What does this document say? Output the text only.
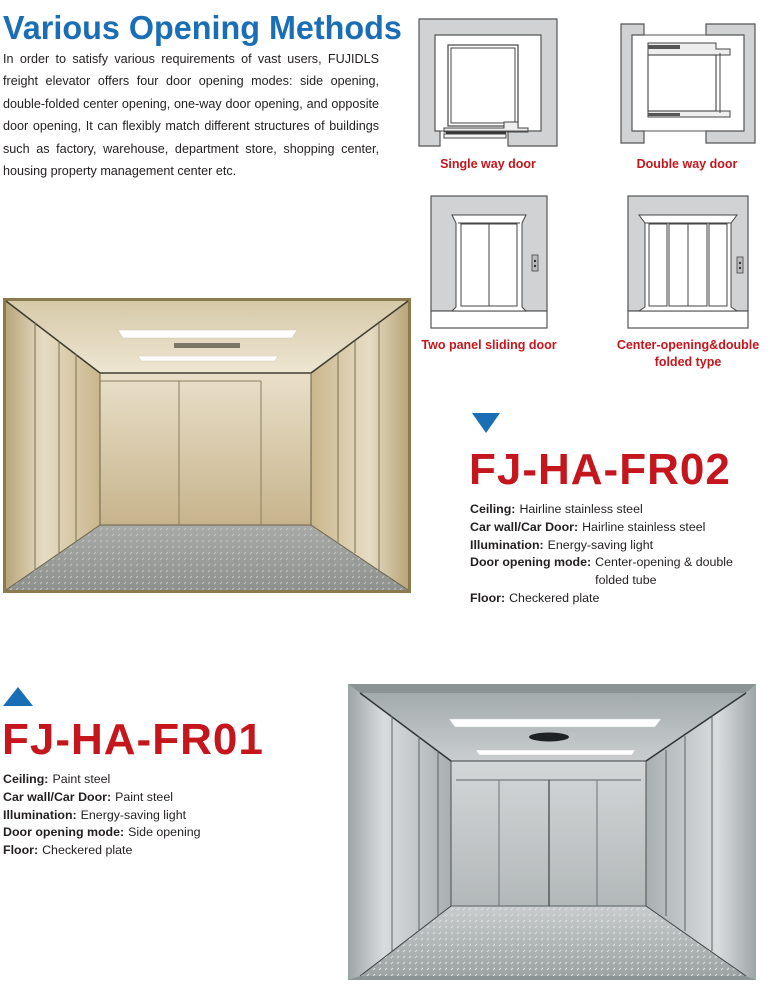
Various Opening Methods

In order to satisfy various requirements of vast users, FUJIDLS freight elevator offers four door opening modes: side opening, double-folded center opening, one-way door opening, and opposite door opening, It can flexibly match different structures of buildings such as factory, warehouse, department store, shopping center, housing property management center etc.

Single way door	Double way door
Two panel sliding door	Center-opening&double
folded type
FJ-HA-FR02
Ceiling: Hairline stainless steel
Car wall/Car Door: Hairline stainless steel
Illumination: Energy-saving light
Door opening mode: Center-opening & double folded tube
Floor: Checkered plate
FJ-HA-FR01
Ceiling: Paint steel
Car wall/Car Door: Paint steel
Illumination: Energy-saving light
Door opening mode: Side opening
Floor: Checkered plate
